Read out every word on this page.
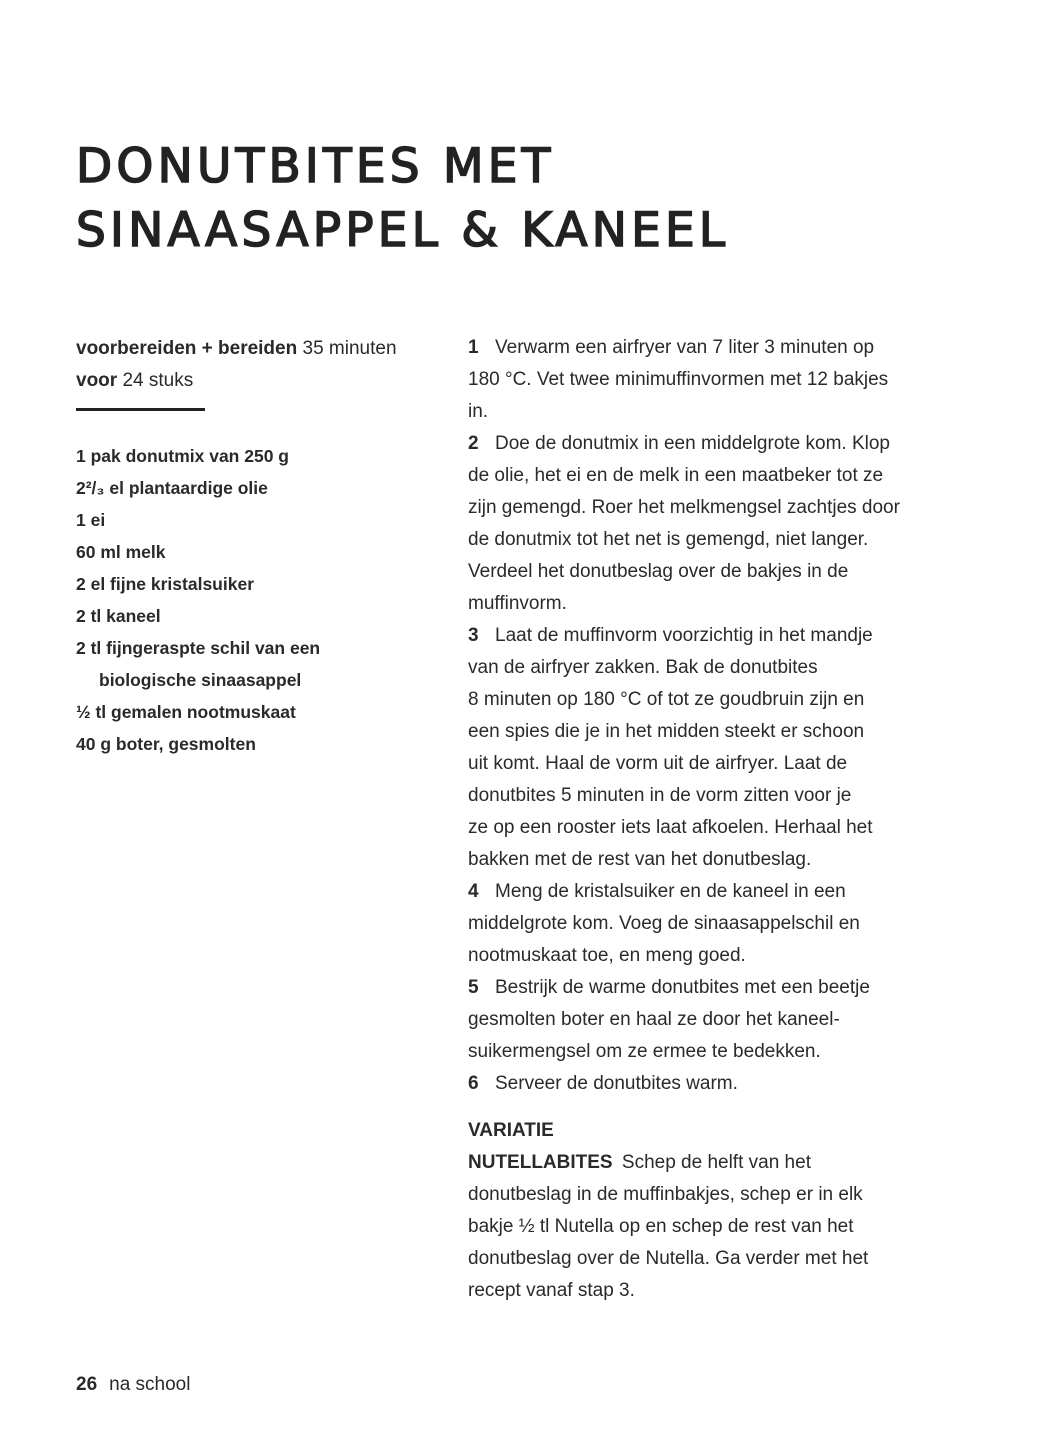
DONUTBITES MET
SINAASAPPEL & KANEEL
voorbereiden + bereiden 35 minuten
voor 24 stuks
1 pak donutmix van 250 g
2²/₃ el plantaardige olie
1 ei
60 ml melk
2 el fijne kristalsuiker
2 tl kaneel
2 tl fijngeraspte schil van een
biologische sinaasappel
½ tl gemalen nootmuskaat
40 g boter, gesmolten
1 Verwarm een airfryer van 7 liter 3 minuten op
180 °C. Vet twee minimuffinvormen met 12 bakjes
in.
2 Doe de donutmix in een middelgrote kom. Klop
de olie, het ei en de melk in een maatbeker tot ze
zijn gemengd. Roer het melkmengsel zachtjes door
de donutmix tot het net is gemengd, niet langer.
Verdeel het donutbeslag over de bakjes in de
muffinvorm.
3 Laat de muffinvorm voorzichtig in het mandje
van de airfryer zakken. Bak de donutbites
8 minuten op 180 °C of tot ze goudbruin zijn en
een spies die je in het midden steekt er schoon
uit komt. Haal de vorm uit de airfryer. Laat de
donutbites 5 minuten in de vorm zitten voor je
ze op een rooster iets laat afkoelen. Herhaal het
bakken met de rest van het donutbeslag.
4 Meng de kristalsuiker en de kaneel in een
middelgrote kom. Voeg de sinaasappelschil en
nootmuskaat toe, en meng goed.
5 Bestrijk de warme donutbites met een beetje
gesmolten boter en haal ze door het kaneel-
suikermengsel om ze ermee te bedekken.
6 Serveer de donutbites warm.
VARIATIE
NUTELLABITES Schep de helft van het
donutbeslag in de muffinbakjes, schep er in elk
bakje ½ tl Nutella op en schep de rest van het
donutbeslag over de Nutella. Ga verder met het
recept vanaf stap 3.
26 na school
